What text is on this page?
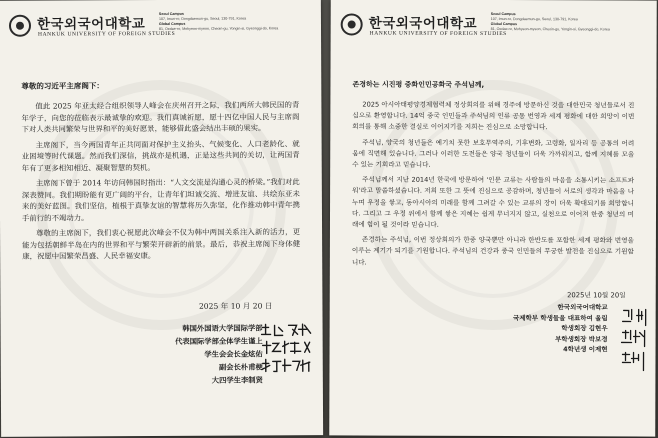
한국외국어대학교
HANKUK UNIVERSITY OF FOREIGN STUDIES
Seoul Campus
107, Imun-ro, Dongdaemun-gu, Seoul, 130-791, Korea
Global Campus
81, Oedae-ro, Mohyeon-myeon, Cheoin-gu, Yongin-si, Gyeonggi-do, Korea
尊敬的习近平主席阁下：

值此 2025 年亚太经合组织领导人峰会在庆州召开之际，我们两所大韩民国的青年学子，向您的莅临表示最诚挚的欢迎。我们真诚祈愿，愿十四亿中国人民与主席阁下对人类共同繁荣与世界和平的美好愿景，能够借此盛会结出丰硕的果实。

主席阁下，当今两国青年正共同面对保护主义抬头、气候变化、人口老龄化、就业困境等时代课题。然而我们深信，挑战亦是机遇，正是这些共同的关切，让两国青年有了更多相知相近、凝聚智慧的契机。

主席阁下曾于 2014 年访问韩国时指出：“人文交流是沟通心灵的桥梁。”我们对此深表赞同。我们期盼能有更广阔的平台，让青年们坦诚交流、增进友谊、共绘东亚未来的美好蓝图。我们坚信，植根于真挚友谊的智慧将历久弥坚，化作推动韩中青年携手前行的不竭动力。

尊敬的主席阁下，我们衷心祝愿此次峰会不仅为韩中两国关系注入新的活力，更能为包括朝鲜半岛在内的世界和平与繁荣开辟新的前景。最后，恭祝主席阁下身体健康，祝愿中国繁荣昌盛、人民幸福安康。

2025 年 10 月 20 日
韩国外国语大学国际学部
代表国际学部全体学生谨上
学生会会长金炫佑
副会长朴甫梗
大四学生李制贤
한국외국어대학교
HANKUK UNIVERSITY OF FOREIGN STUDIES
Seoul Campus
107, Imun-ro, Dongdaemun-gu, Seoul, 130-791, Korea
Global Campus
81, Oedae-ro, Mohyeon-myeon, Cheoin-gu, Yongin-si, Gyeonggi-do, Korea
존경하는 시진평 중화인민공화국 주석님께,

2025 아시아태평양경제협력체 정상회의를 위해 경주에 방문하신 것을 대한민국 청년들로서 진심으로 환영합니다. 14억 중국 인민들과 주석님의 인류 공동 번영과 세계 평화에 대한 희망이 이번 회의를 통해 소중한 결실로 이어지기를 저희는 진심으로 소망합니다.

주석님, 양국의 청년들은 예기치 못한 보호무역주의, 기후변화, 고령화, 일자리 등 공통의 어려움에 직면해 있습니다. 그러나 이러한 도전들은 양국 청년들이 더욱 가까워지고, 함께 지혜를 모을 수 있는 기회라고 믿습니다.

주석님께서 지난 2014년 한국에 방문하여 '인문 교류는 사람들의 마음을 소통시키는 소프트파워'라고 말씀하셨습니다. 저희 또한 그 뜻에 진심으로 공감하며, 청년들이 서로의 생각과 마음을 나누며 우정을 쌓고, 동아시아의 미래를 함께 그려갈 수 있는 교류의 장이 더욱 확대되기를 희망합니다. 그리고 그 우정 위에서 함께 쌓은 지혜는 쉽게 무너지지 않고, 실천으로 이어져 한중 청년의 미래에 힘이 될 것이라 믿습니다.

존경하는 주석님, 이번 정상회의가 한중 양국뿐만 아니라 한반도를 포함한 세계 평화와 번영을 이루는 계기가 되기를 기원합니다. 주석님의 건강과 중국 인민들의 무궁한 발전을 진심으로 기원합니다.

2025년 10월 20일
한국외국어대학교
국제학부 학생들을 대표하여 올림
학생회장 김현우
부학생회장 박보경
4학년생 이제현
